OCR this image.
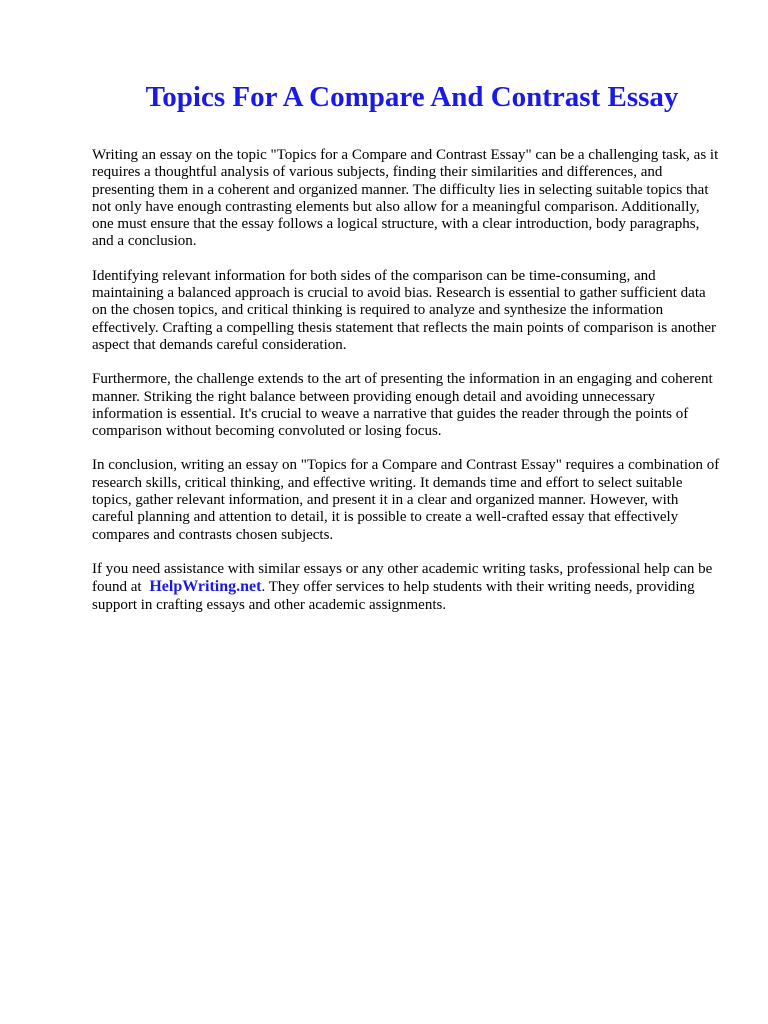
Topics For A Compare And Contrast Essay

Writing an essay on the topic "Topics for a Compare and Contrast Essay" can be a challenging task, as it requires a thoughtful analysis of various subjects, finding their similarities and differences, and presenting them in a coherent and organized manner. The difficulty lies in selecting suitable topics that not only have enough contrasting elements but also allow for a meaningful comparison. Additionally, one must ensure that the essay follows a logical structure, with a clear introduction, body paragraphs, and a conclusion.

Identifying relevant information for both sides of the comparison can be time-consuming, and maintaining a balanced approach is crucial to avoid bias. Research is essential to gather sufficient data on the chosen topics, and critical thinking is required to analyze and synthesize the information effectively. Crafting a compelling thesis statement that reflects the main points of comparison is another aspect that demands careful consideration.

Furthermore, the challenge extends to the art of presenting the information in an engaging and coherent manner. Striking the right balance between providing enough detail and avoiding unnecessary information is essential. It's crucial to weave a narrative that guides the reader through the points of comparison without becoming convoluted or losing focus.

In conclusion, writing an essay on "Topics for a Compare and Contrast Essay" requires a combination of research skills, critical thinking, and effective writing. It demands time and effort to select suitable topics, gather relevant information, and present it in a clear and organized manner. However, with careful planning and attention to detail, it is possible to create a well-crafted essay that effectively compares and contrasts chosen subjects.

If you need assistance with similar essays or any other academic writing tasks, professional help can be found at HelpWriting.net. They offer services to help students with their writing needs, providing support in crafting essays and other academic assignments.
